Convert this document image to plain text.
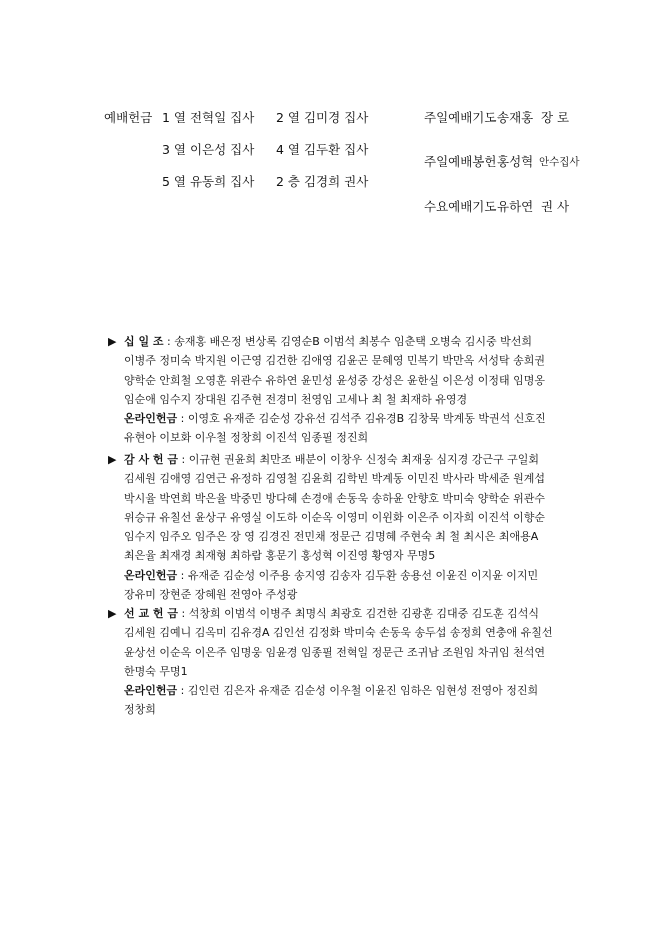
예배헌금 1 열 전혁일 집사 2 열 김미경 집사
3 열 이은성 집사 4 열 김두환 집사
5 열 유동희 집사 2 층 김경희 권사
주일예배기도 송재홍 장 로
주일예배봉헌 홍성혁 안수집사
수요예배기도 유하연 권 사
▶ 십 일 조 : 송재홍 배은정 변상록 김영순B 이범석 최봉수 임춘택 오병숙 김시중 박선희
이병주 정미숙 박지원 이근영 김건한 김애영 김윤곤 문혜영 민복기 박만옥 서성탁 송희권
양학순 안희철 오영훈 위관수 유하연 윤민성 윤성중 강성은 윤한실 이은성 이정태 임명옹
임순애 임수지 장대원 김주현 전경미 천영임 고세나 최 철 최재하 유영경
온라인헌금 : 이영호 유재준 김순성 강유선 김석주 김유경B 김창묵 박계동 박권석 신호진
유현아 이보화 이우철 정창희 이진석 임종필 정진희
▶ 감 사 헌 금 : 이규현 권윤희 최만조 배분이 이창우 신정숙 최재웅 심지경 강근구 구일회
김세원 김애영 김연근 유정하 김영철 김윤희 김학빈 박계동 이민진 박사라 박세준 원계섭
박시율 박연희 박은율 박중민 방다혜 손경애 손동욱 송하윤 안향호 박미숙 양학순 위관수
위승규 유칠선 윤상구 유영실 이도하 이순옥 이영미 이윈화 이은주 이자희 이진석 이향순
임수지 임주오 임주은 장 영 김경진 전민채 정문근 김명혜 주현숙 최 철 최시은 최애용A
최은율 최재경 최재형 최하람 홍문기 홍성혁 이진영 황영자 무명5
온라인헌금 : 유재준 김순성 이주용 송지영 김송자 김두환 송용선 이윤진 이지윤 이지민
장유미 장현준 장혜원 전영아 주성광
▶ 선 교 헌 금 : 석창희 이범석 이병주 최명식 최광호 김건한 김광훈 김대중 김도훈 김석식
김세원 김예니 김옥미 김유경A 김인선 김정화 박미숙 손동욱 송두섭 송정희 연충애 유칠선
윤상선 이순옥 이은주 임명웅 임윤경 임종필 전혁일 정문근 조귀남 조원임 차귀임 천석연
한명숙 무명1
온라인헌금 : 김인런 김은자 유재준 김순성 이우철 이윤진 임하은 임현성 전영아 정진희
정창희
